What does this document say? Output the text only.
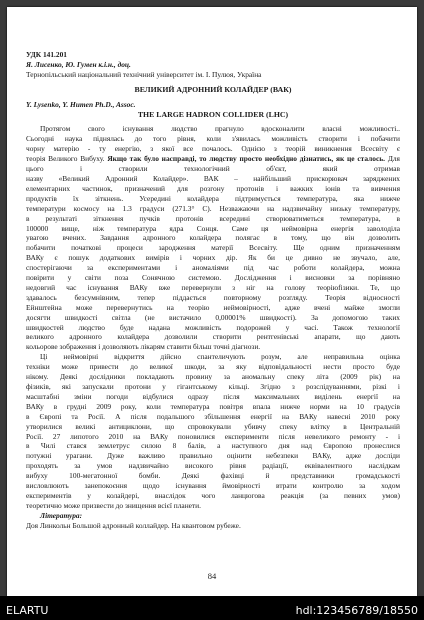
УДК 141.201

Я. Лисенко, Ю. Гумен к.і.н., доц.

Тернопільський національний технічний університет ім. І. Пулюя, Україна

ВЕЛИКИЙ АДРОННИЙ КОЛАЙДЕР (ВАК)

Y. Lysenko, Y. Humen Ph.D., Assoc.

THE LARGE HADRON COLLIDER (LHC)

Протягом свого існування людство прагнуло вдосконалити власні можливості..

Сьогодні наука піднялась до того рівня, коли з'явилась можливість створити і побачити

чорну матерію - ту енергію, з якої все почалось. Однією з теорій виникнення Всесвіту є

теорія Великого Вибуху. Якщо так було насправді, то людству просто необхідно дізнатись, як це сталось. Для цього і створили технологічний об'єкт, який отримав

назву «Великий Адронний Колайдер». ВАК – найбільший прискорювач заряджених

елементарних частинок, призначений для розгону протонів і важких іонів та вивчення

продуктів їх зіткнень. Усередині колайдера підтримується температура, яка нижче

температури космосу на 1.3 градуси (271.3° С). Незважаючи на надзвичайну низьку температуру,

в результаті зіткнення пучків протонів всередині створюватиметься температура, в

100000 вище, ніж температура ядра Сонця. Саме ця неймовірна енергія заволоділа

увагою вчених. Завдання адронного колайдера полягає в тому, що він дозволить

побачити початкові процеси зародження матерії Всесвіту. Ще одним призначенням

ВАКу є пошук додаткових вимірів і чорних дір. Як би це дивно не звучало, але,

спостерігаючи за експериментами і аномаліями під час роботи колайдера, можна

повірити у світи поза Сонячною системою. Дослідження і висновки за порівняно

недовгий час існування ВАКу вже перевернули з ніг на голову теоріюfізики. Те, що

здавалось безсумнівним, тепер піддається повторному розгляду. Теорія відносності

Ейнштейна може перевернутись на теорію неймовірності, адже вчені майже змогли

досягти швидкості світла (не вистачило 0,00001% швидкості). За допомогою таких

швидкостей людство буде надана можливість подорожей у часі. Також технології

великого адронного колайдера дозволили створити рентгенівські апарати, що дають

кольорове зображення і дозволяють лікарям ставити більш точні діагнози.

Ці неймовірні відкриття дійсно спантеличують розум, але неправильна оцінка

техніки може привести до великої шкоди, за яку відповідальності нести просто буде

нікому. Деякі дослідники покладають провину за аномальну спеку літа (2009 рік) на

фізиків, які запускали протони у гігантському кільці. Згідно з розслідуваннями, різкі і

масштабні зміни погоди відбулися одразу після максимальних виділень енергії на

ВАКу в грудні 2009 року, коли температура повітря впала нижче норми на 10 градусів

в Європі та Росії. А після подальшого збільшення енергії на ВАКу навесні 2010 року

утворилися великі антициклони, що спровокували убивчу спеку влітку в Центральній

Росії. 27 липотого 2010 на ВАКу поновилися експерименти після невеликого ремонту - і

в Чилі стався землетрус силою 8 балів, а наступного дня над Європою пронеслися

потужні урагани. Дуже важливо правильно оцінити небезпеки ВАКу, адже досліди

проходять за умов надзвичайно високого рівня радіації, еквівалентного наслідкам

вибуху 100-мегатонної бомби. Деякі фахівці й представники громадськості

висловлюють занепокоєння щодо існування ймовірності втрати контролю за ходом

експериментів у колайдері, внаслідок чого ланцюгова реакція (за певних умов)

теоретично може призвести до знищення всієї планети.

Література:

Доя Линкольн Большой адронный коллайдер. На квантовом рубеже.

84
ELARTU	hdl:123456789/18550
